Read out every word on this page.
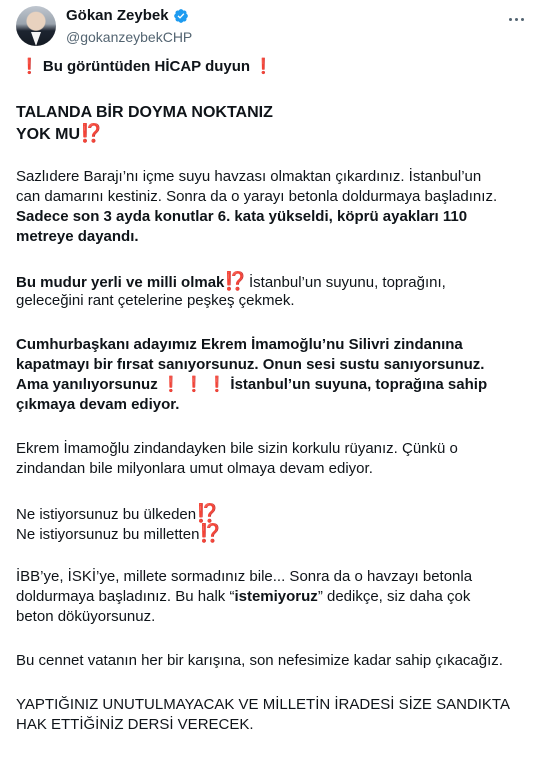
Gökan Zeybek
@gokanzeybekCHP
❗ Bu görüntüden HİCAP duyun ❗
TALANDA BİR DOYMA NOKTANIZ
YOK MU⁉️
Sazlıdere Barajı’nı içme suyu havzası olmaktan çıkardınız. İstanbul’un
can damarını kestiniz. Sonra da o yarayı betonla doldurmaya başladınız.
Sadece son 3 ayda konutlar 6. kata yükseldi, köprü ayakları 110
metreye dayandı.
Bu mudur yerli ve milli olmak⁉️ İstanbul’un suyunu, toprağını,
geleceğini rant çetelerine peşkeş çekmek.
Cumhurbaşkanı adayımız Ekrem İmamoğlu’nu Silivri zindanına
kapatmayı bir fırsat sanıyorsunuz. Onun sesi sustu sanıyorsunuz.
Ama yanılıyorsunuz ❗ ❗ ❗ İstanbul’un suyuna, toprağına sahip
çıkmaya devam ediyor.
Ekrem İmamoğlu zindandayken bile sizin korkulu rüyanız. Çünkü o
zindandan bile milyonlara umut olmaya devam ediyor.
Ne istiyorsunuz bu ülkeden⁉️
Ne istiyorsunuz bu milletten⁉️
İBB’ye, İSKİ’ye, millete sormadınız bile... Sonra da o havzayı betonla
doldurmaya başladınız. Bu halk “istemiyoruz” dedikçe, siz daha çok
beton döküyorsunuz.
Bu cennet vatanın her bir karışına, son nefesimize kadar sahip çıkacağız.
YAPTIĞINIZ UNUTULMAYACAK VE MİLLETİN İRADESİ SİZE SANDIKTA
HAK ETTİĞİNİZ DERSİ VERECEK.
